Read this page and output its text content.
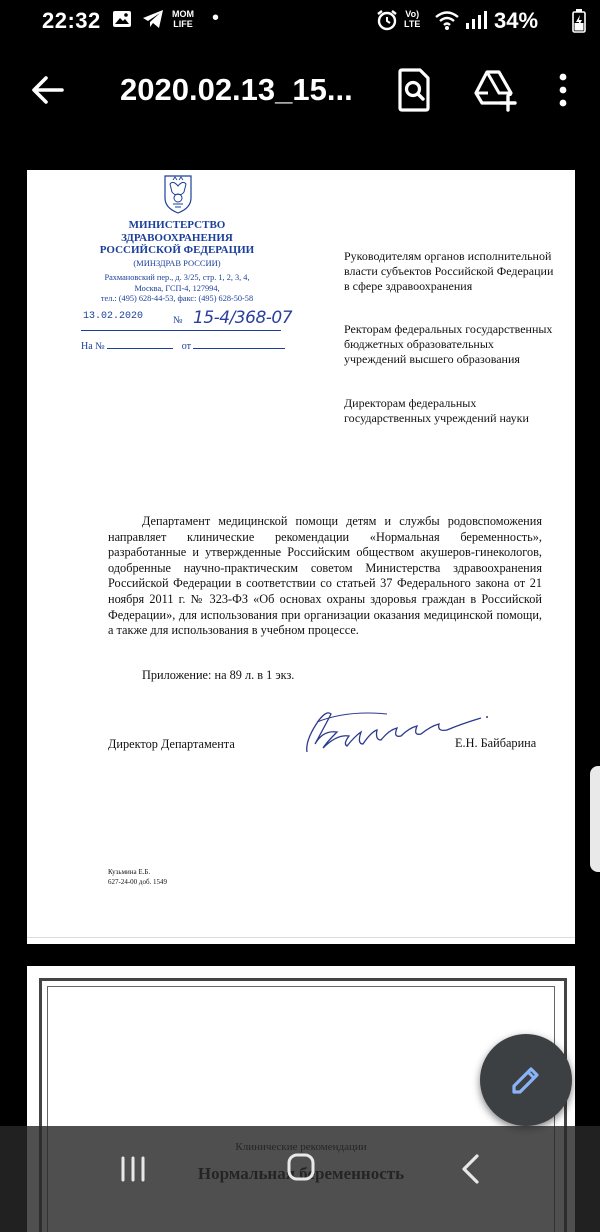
22:32	MOM
LIFE •	Vo)
LTE	34%
2020.02.13_15...
МИНИСТЕРСТВО
ЗДРАВООХРАНЕНИЯ
РОССИЙСКОЙ ФЕДЕРАЦИИ
(МИНЗДРАВ РОССИИ)
Рахмановский пер., д. 3/25, стр. 1, 2, 3, 4,
Москва, ГСП-4, 127994,
тел.: (495) 628-44-53, факс: (495) 628-50-58
13.02.2020	№ 15-4/368-07
На №	от
Руководителям органов исполнительной власти субъектов Российской Федерации в сфере здравоохранения
Ректорам федеральных государственных бюджетных образовательных учреждений высшего образования
Директорам федеральных государственных учреждений науки
Департамент медицинской помощи детям и службы родовспоможения направляет клинические рекомендации «Нормальная беременность», разработанные и утвержденные Российским обществом акушеров-гинекологов, одобренные научно-практическим советом Министерства здравоохранения Российской Федерации в соответствии со статьей 37 Федерального закона от 21 ноября 2011 г. № 323-ФЗ «Об основах охраны здоровья граждан в Российской Федерации», для использования при организации оказания медицинской помощи, а также для использования в учебном процессе.
Приложение: на 89 л. в 1 экз.
Директор Департамента	Е.Н. Байбарина
Кузьмина Е.Б.
627-24-00 доб. 1549
